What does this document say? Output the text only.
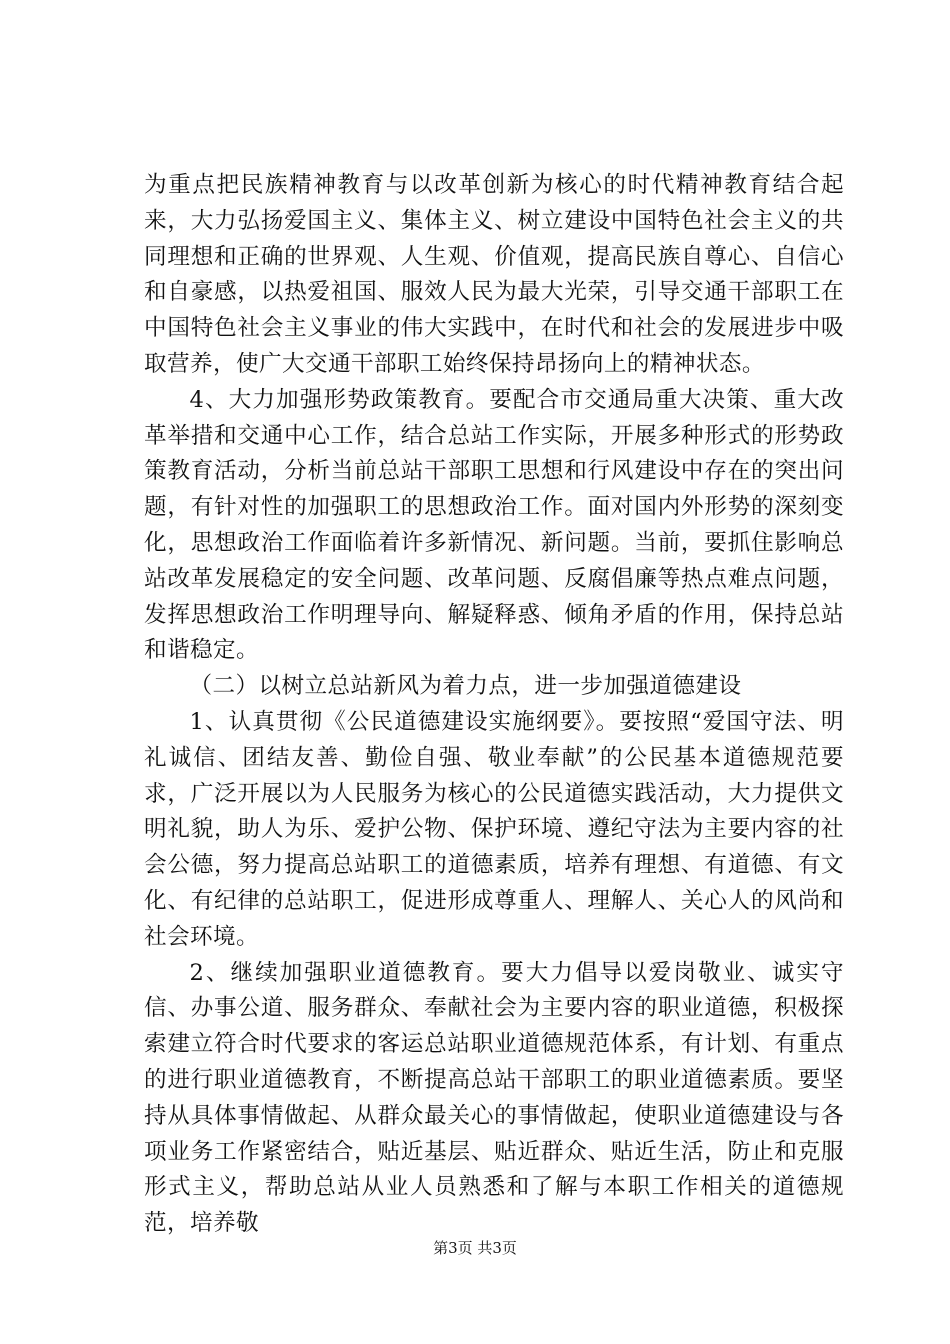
为重点把民族精神教育与以改革创新为核心的时代精神教育结合起来，大力弘扬爱国主义、集体主义、树立建设中国特色社会主义的共同理想和正确的世界观、人生观、价值观，提高民族自尊心、自信心和自豪感，以热爱祖国、服效人民为最大光荣，引导交通干部职工在中国特色社会主义事业的伟大实践中，在时代和社会的发展进步中吸取营养，使广大交通干部职工始终保持昂扬向上的精神状态。

4、大力加强形势政策教育。要配合市交通局重大决策、重大改革举措和交通中心工作，结合总站工作实际，开展多种形式的形势政策教育活动，分析当前总站干部职工思想和行风建设中存在的突出问题，有针对性的加强职工的思想政治工作。面对国内外形势的深刻变化，思想政治工作面临着许多新情况、新问题。当前，要抓住影响总站改革发展稳定的安全问题、改革问题、反腐倡廉等热点难点问题，发挥思想政治工作明理导向、解疑释惑、倾角矛盾的作用，保持总站和谐稳定。

（二）以树立总站新风为着力点，进一步加强道德建设

1、认真贯彻《公民道德建设实施纲要》。要按照“爱国守法、明礼诚信、团结友善、勤俭自强、敬业奉献”的公民基本道德规范要求，广泛开展以为人民服务为核心的公民道德实践活动，大力提供文明礼貌，助人为乐、爱护公物、保护环境、遵纪守法为主要内容的社会公德，努力提高总站职工的道德素质，培养有理想、有道德、有文化、有纪律的总站职工，促进形成尊重人、理解人、关心人的风尚和社会环境。

2、继续加强职业道德教育。要大力倡导以爱岗敬业、诚实守信、办事公道、服务群众、奉献社会为主要内容的职业道德，积极探索建立符合时代要求的客运总站职业道德规范体系，有计划、有重点的进行职业道德教育，不断提高总站干部职工的职业道德素质。要坚持从具体事情做起、从群众最关心的事情做起，使职业道德建设与各项业务工作紧密结合，贴近基层、贴近群众、贴近生活，防止和克服形式主义，帮助总站从业人员熟悉和了解与本职工作相关的道德规范，培养敬

第3页 共3页
